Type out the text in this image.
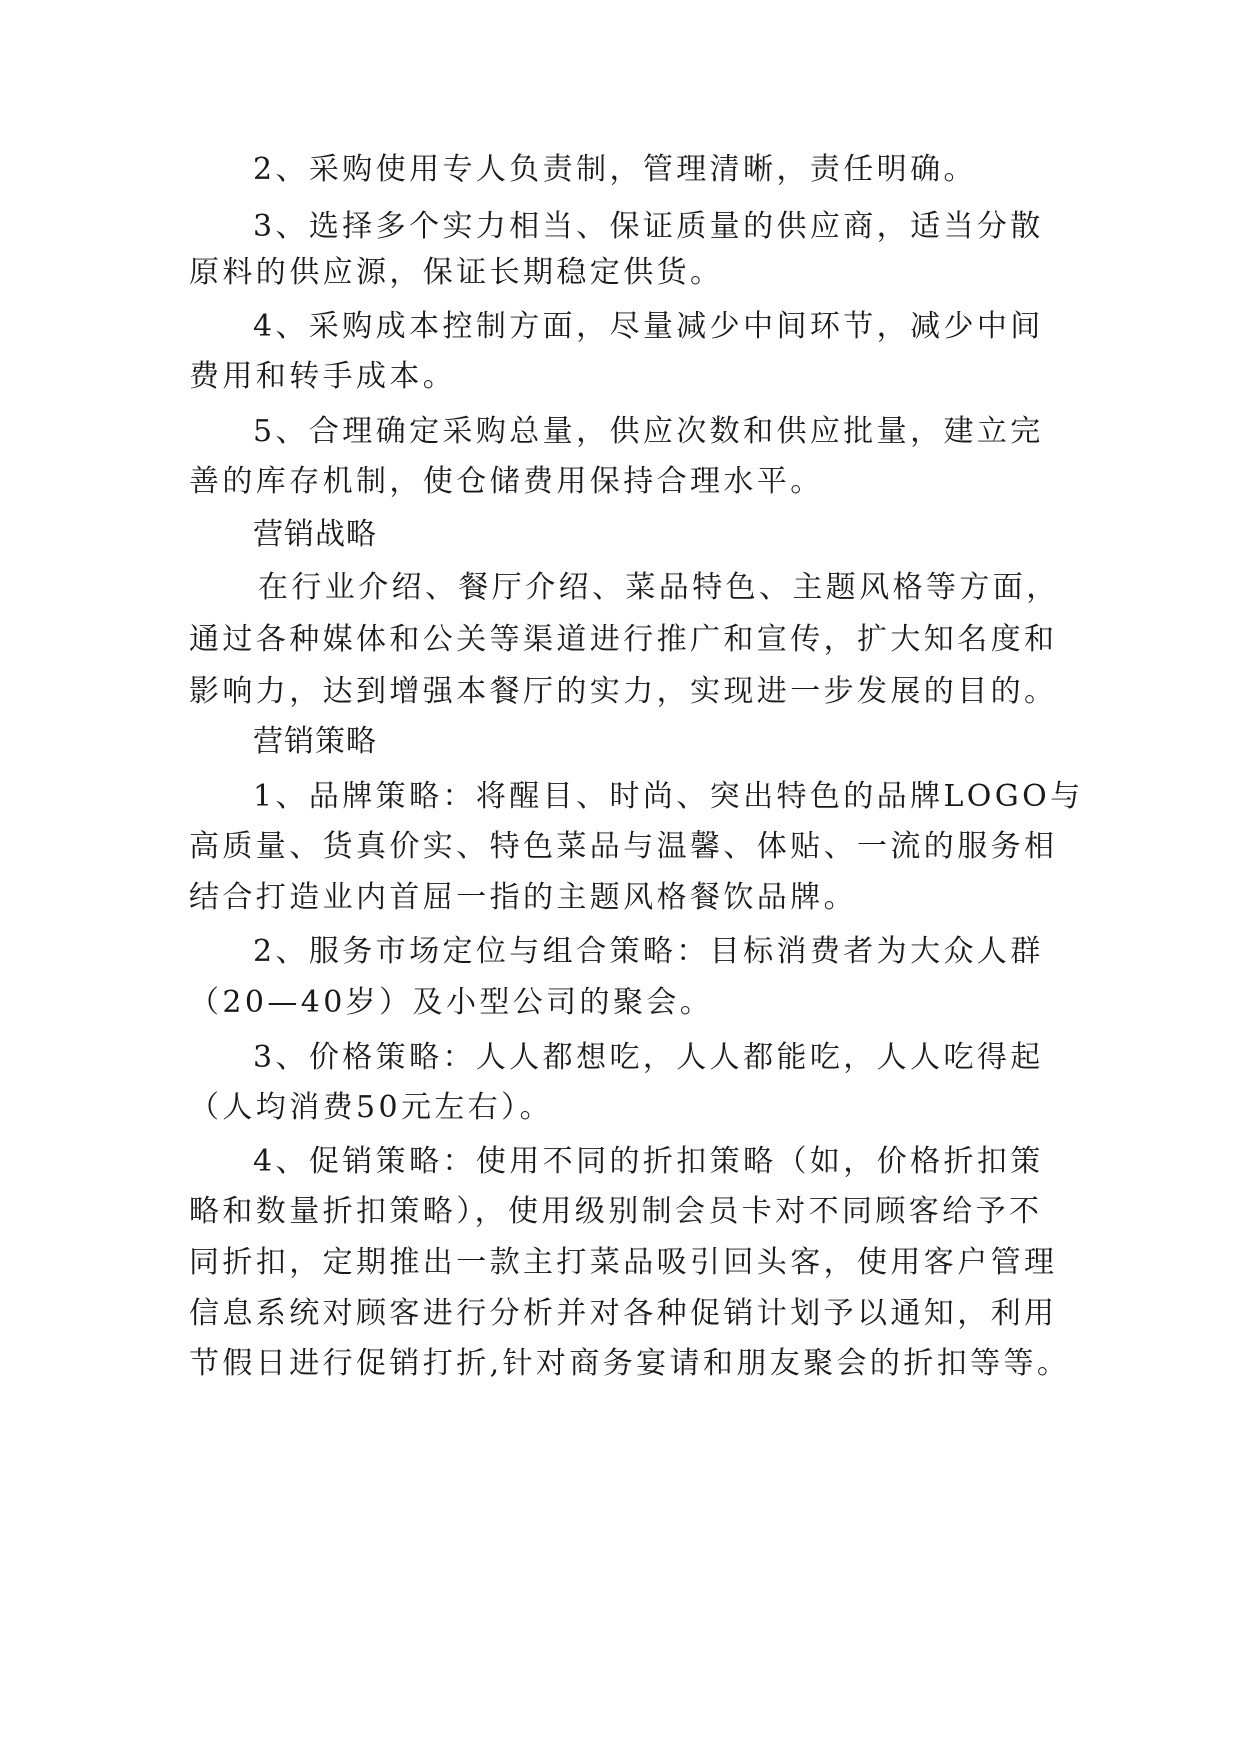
2、采购使用专人负责制，管理清晰，责任明确。
3、选择多个实力相当、保证质量的供应商，适当分散
原料的供应源，保证长期稳定供货。
4、采购成本控制方面，尽量减少中间环节，减少中间
费用和转手成本。
5、合理确定采购总量，供应次数和供应批量，建立完
善的库存机制，使仓储费用保持合理水平。
营销战略
在行业介绍、餐厅介绍、菜品特色、主题风格等方面，
通过各种媒体和公关等渠道进行推广和宣传，扩大知名度和
影响力，达到增强本餐厅的实力，实现进一步发展的目的。
营销策略
1、品牌策略：将醒目、时尚、突出特色的品牌LOGO与
高质量、货真价实、特色菜品与温馨、体贴、一流的服务相
结合打造业内首屈一指的主题风格餐饮品牌。
2、服务市场定位与组合策略：目标消费者为大众人群
（20—40岁）及小型公司的聚会。
3、价格策略：人人都想吃，人人都能吃，人人吃得起
（人均消费50元左右）。
4、促销策略：使用不同的折扣策略（如，价格折扣策
略和数量折扣策略），使用级别制会员卡对不同顾客给予不
同折扣，定期推出一款主打菜品吸引回头客，使用客户管理
信息系统对顾客进行分析并对各种促销计划予以通知，利用
节假日进行促销打折,针对商务宴请和朋友聚会的折扣等等。
